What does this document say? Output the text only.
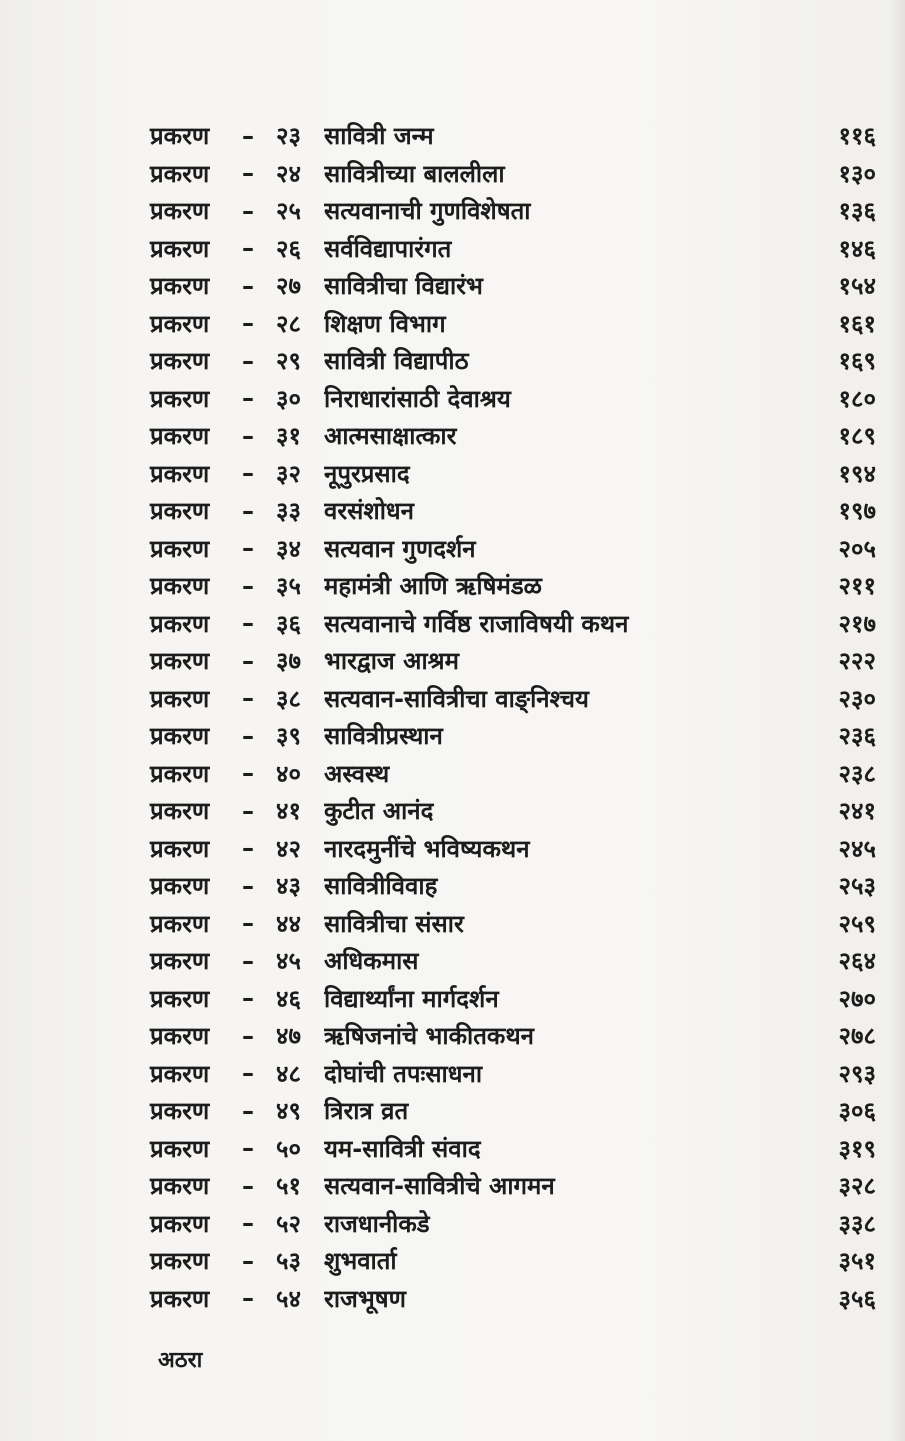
प्रकरण	– २३ सावित्री जन्म	११६
प्रकरण	– २४ सावित्रीच्या बाललीला	१३०
प्रकरण	– २५ सत्यवानाची गुणविशेषता	१३६
प्रकरण	– २६ सर्वविद्यापारंगत	१४६
प्रकरण	– २७ सावित्रीचा विद्यारंभ	१५४
प्रकरण	– २८ शिक्षण विभाग	१६१
प्रकरण	– २९ सावित्री विद्यापीठ	१६९
प्रकरण	– ३० निराधारांसाठी देवाश्रय	१८०
प्रकरण	– ३१ आत्मसाक्षात्कार	१८९
प्रकरण	– ३२ नूपुरप्रसाद	१९४
प्रकरण	– ३३ वरसंशोधन	१९७
प्रकरण	– ३४ सत्यवान गुणदर्शन	२०५
प्रकरण	– ३५ महामंत्री आणि ऋषिमंडळ	२११
प्रकरण	– ३६ सत्यवानाचे गर्विष्ठ राजाविषयी कथन	२१७
प्रकरण	– ३७ भारद्वाज आश्रम	२२२
प्रकरण	– ३८ सत्यवान-सावित्रीचा वाङ्निश्चय	२३०
प्रकरण	– ३९ सावित्रीप्रस्थान	२३६
प्रकरण	– ४० अस्वस्थ	२३८
प्रकरण	– ४१ कुटीत आनंद	२४१
प्रकरण	– ४२ नारदमुनींचे भविष्यकथन	२४५
प्रकरण	– ४३ सावित्रीविवाह	२५३
प्रकरण	– ४४ सावित्रीचा संसार	२५९
प्रकरण	– ४५ अधिकमास	२६४
प्रकरण	– ४६ विद्यार्थ्यांना मार्गदर्शन	२७०
प्रकरण	– ४७ ऋषिजनांचे भाकीतकथन	२७८
प्रकरण	– ४८ दोघांची तपःसाधना	२९३
प्रकरण	– ४९ त्रिरात्र व्रत	३०६
प्रकरण	– ५० यम-सावित्री संवाद	३१९
प्रकरण	– ५१ सत्यवान-सावित्रीचे आगमन	३२८
प्रकरण	– ५२ राजधानीकडे	३३८
प्रकरण	– ५३ शुभवार्ता	३५१
प्रकरण	– ५४ राजभूषण	३५६
अठरा
